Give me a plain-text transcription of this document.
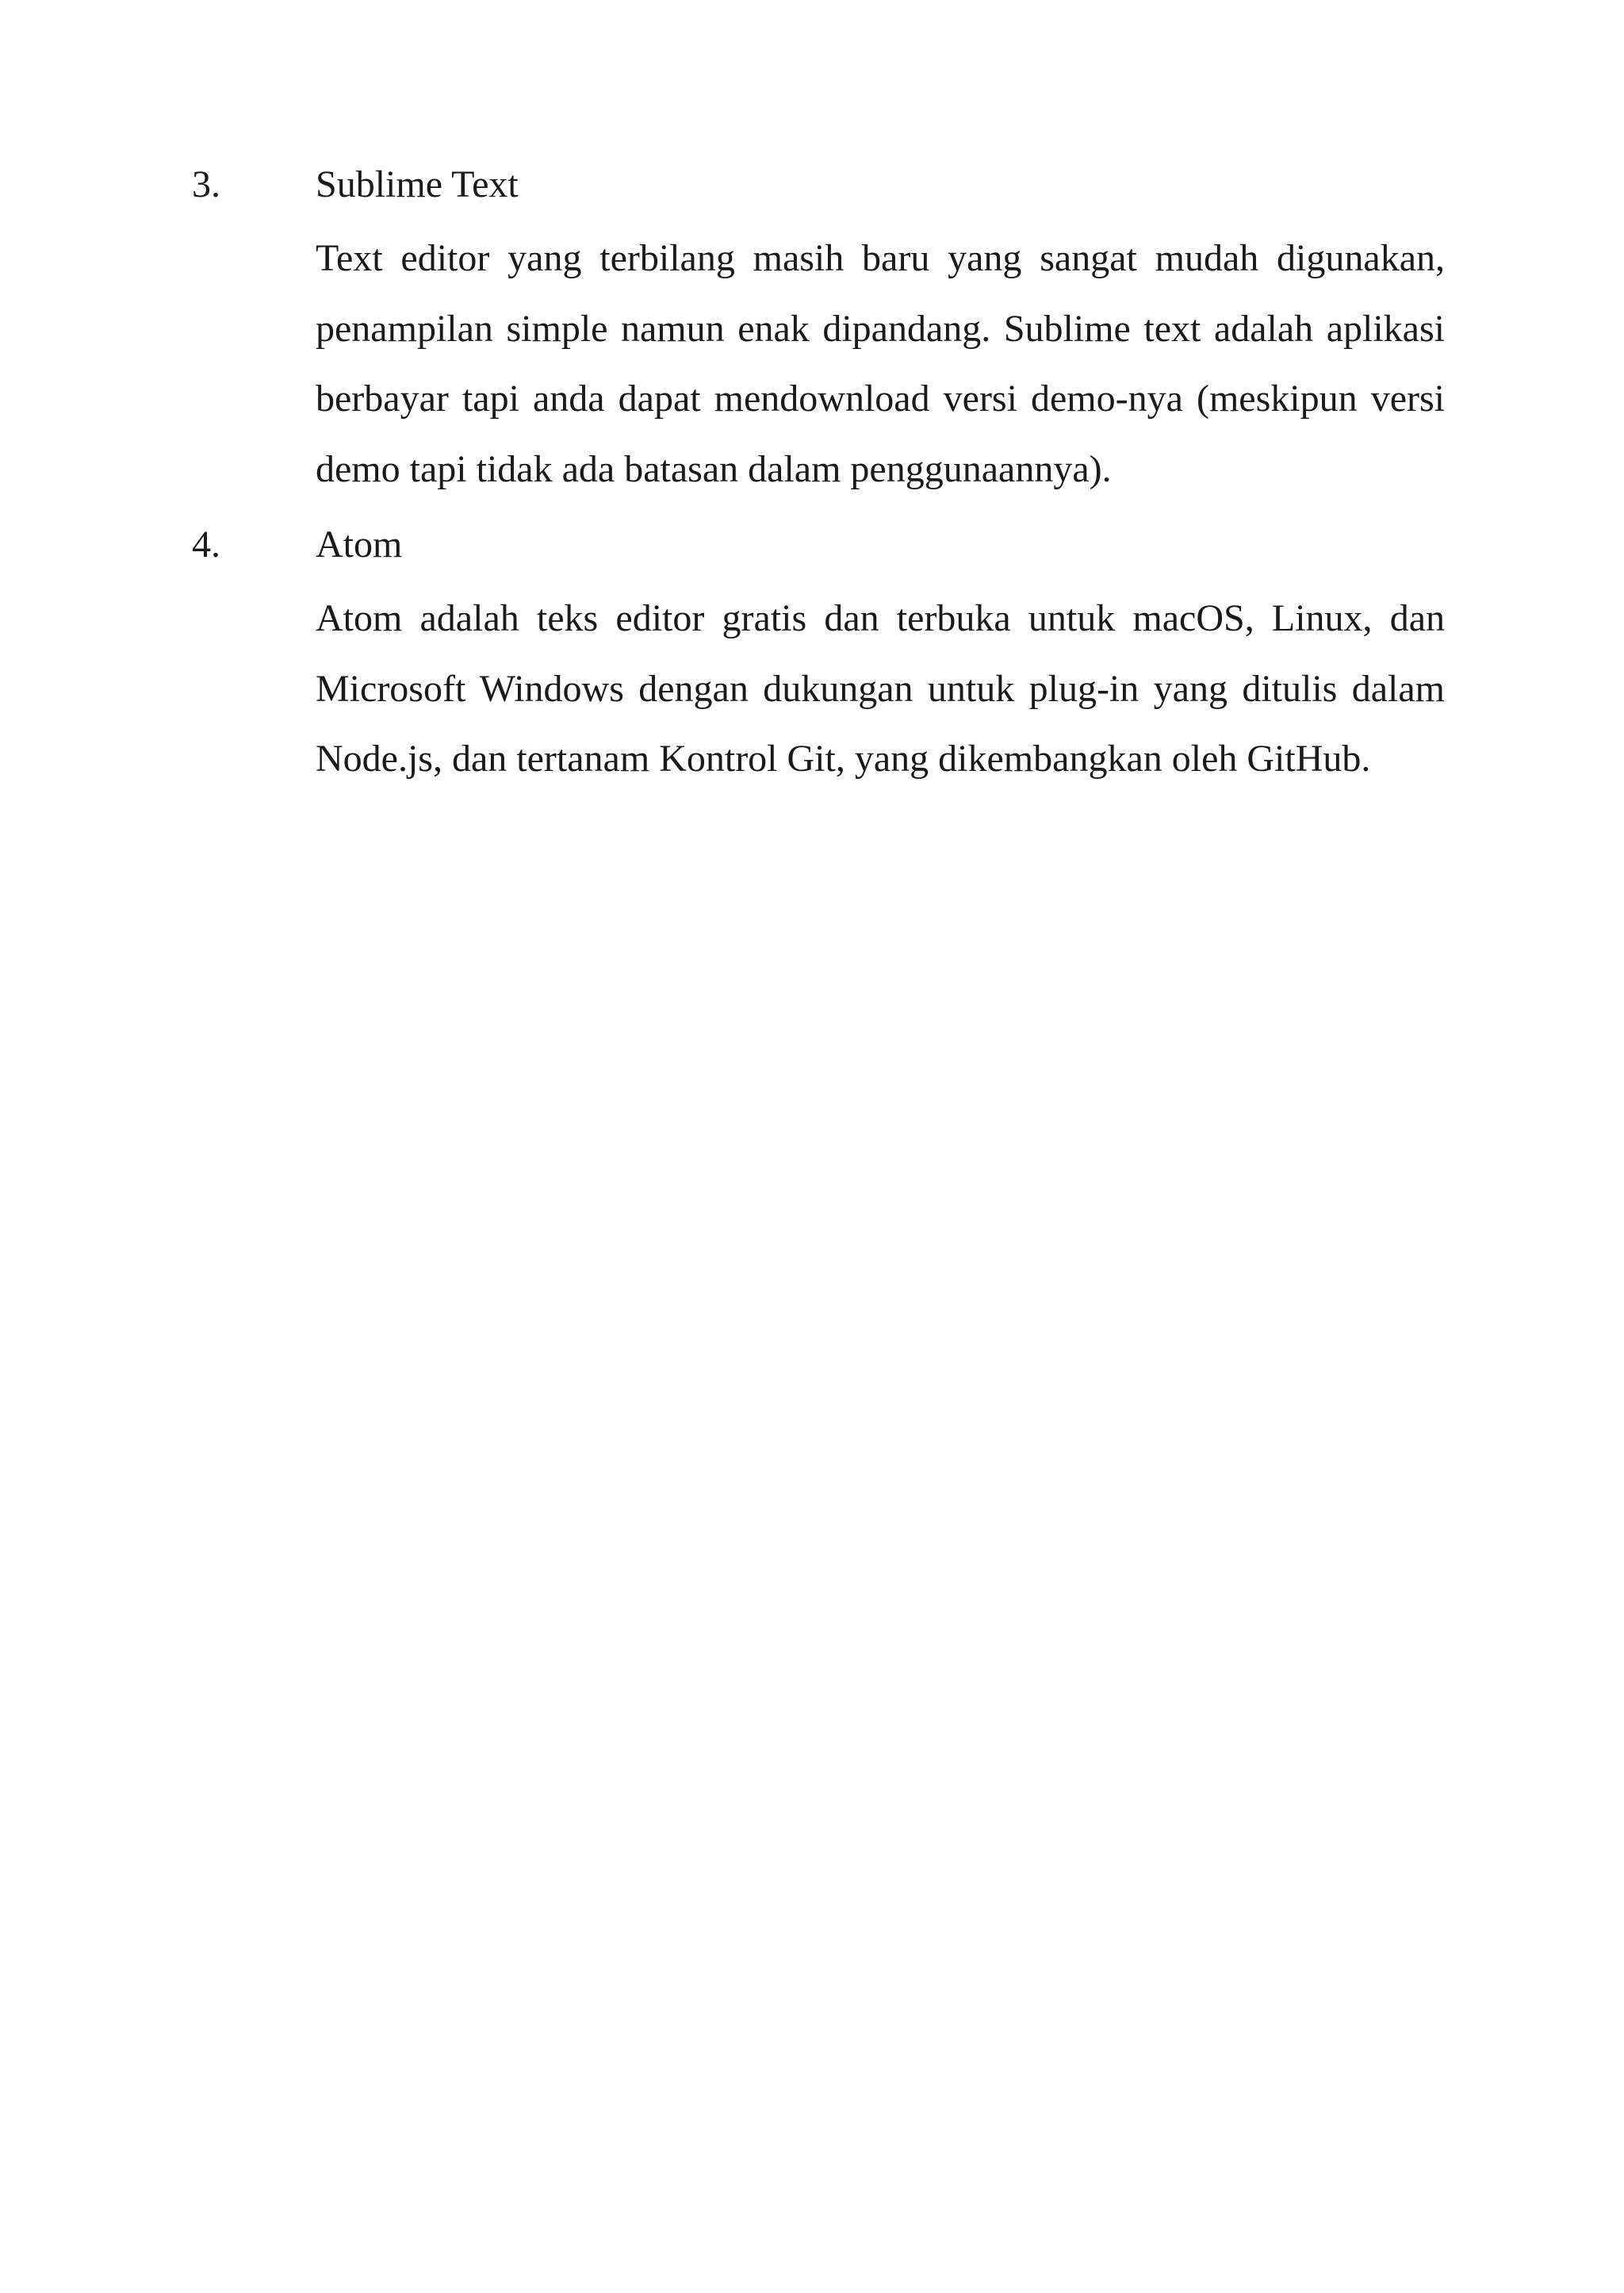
3.	Sublime Text
Text editor yang terbilang masih baru yang sangat mudah digunakan, penampilan simple namun enak dipandang. Sublime text adalah aplikasi berbayar tapi anda dapat mendownload versi demo-nya (meskipun versi demo tapi tidak ada batasan dalam penggunaannya).
4.	Atom
Atom adalah teks editor gratis dan terbuka untuk macOS, Linux, dan Microsoft Windows dengan dukungan untuk plug-in yang ditulis dalam Node.js, dan tertanam Kontrol Git, yang dikembangkan oleh GitHub.
